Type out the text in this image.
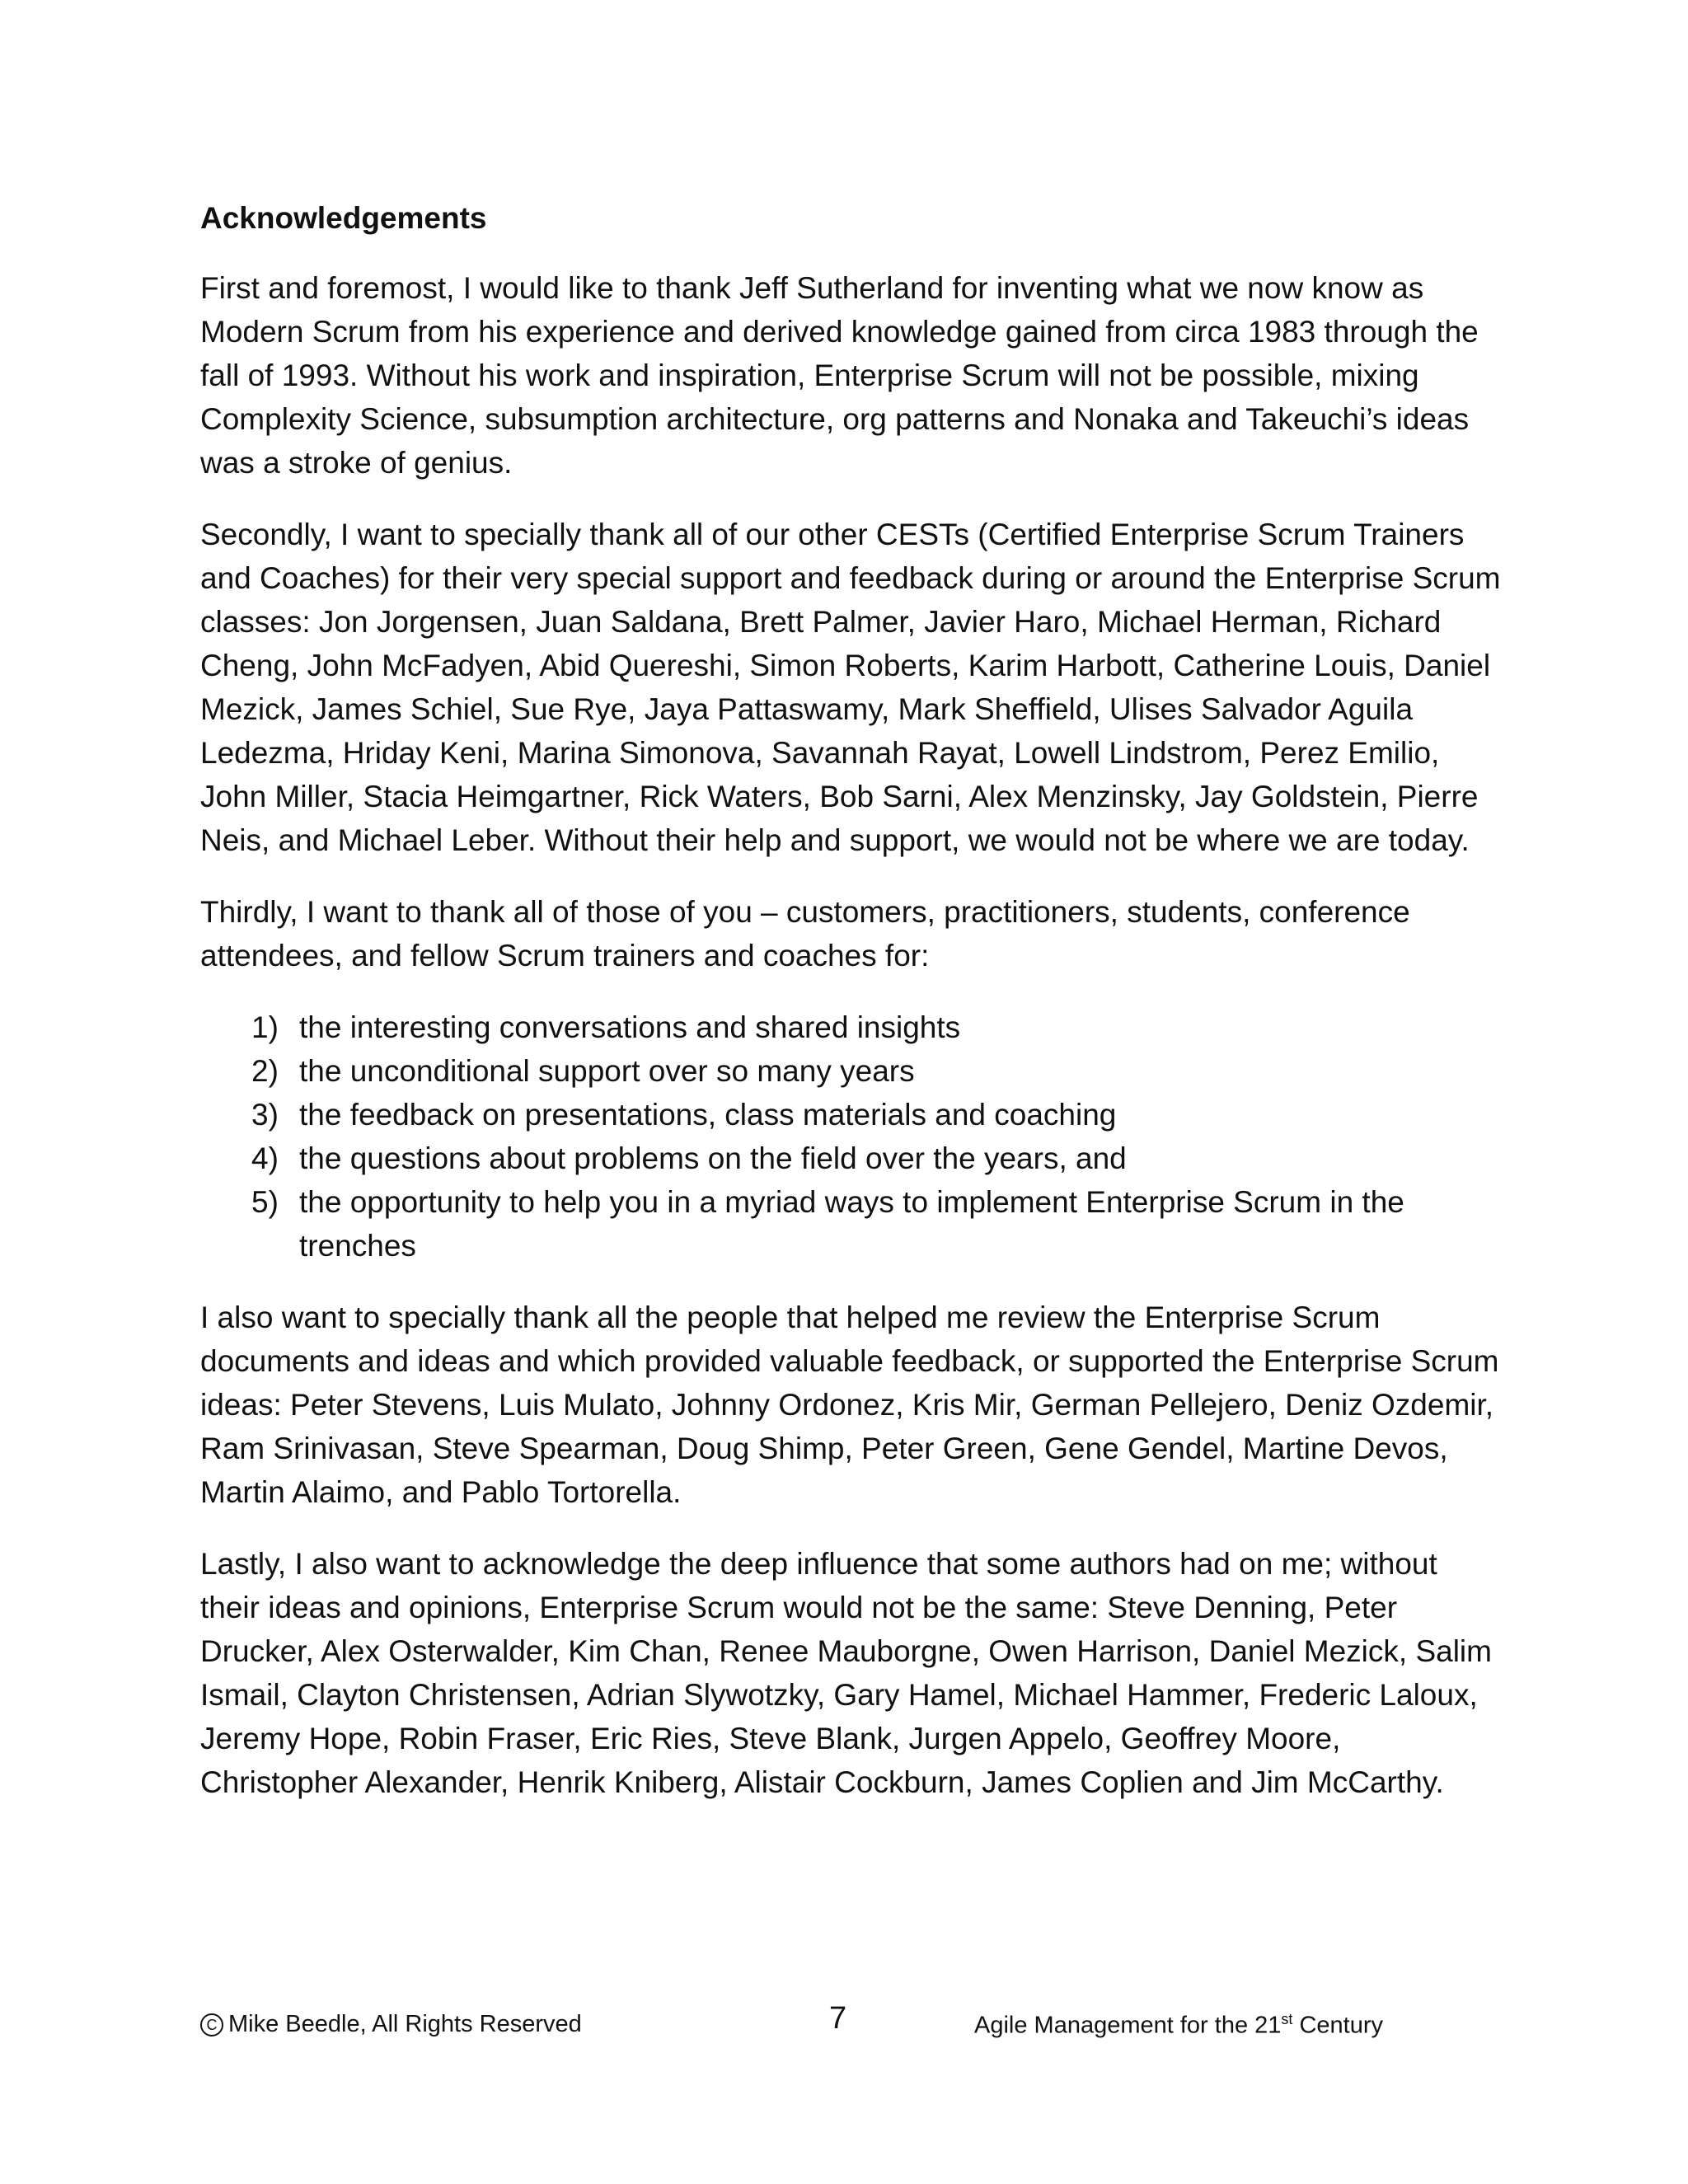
Acknowledgements

First and foremost, I would like to thank Jeff Sutherland for inventing what we now know as Modern Scrum from his experience and derived knowledge gained from circa 1983 through the fall of 1993. Without his work and inspiration, Enterprise Scrum will not be possible, mixing Complexity Science, subsumption architecture, org patterns and Nonaka and Takeuchi’s ideas was a stroke of genius.

Secondly, I want to specially thank all of our other CESTs (Certified Enterprise Scrum Trainers and Coaches) for their very special support and feedback during or around the Enterprise Scrum classes: Jon Jorgensen, Juan Saldana, Brett Palmer, Javier Haro, Michael Herman, Richard Cheng, John McFadyen, Abid Quereshi, Simon Roberts, Karim Harbott, Catherine Louis, Daniel Mezick, James Schiel, Sue Rye, Jaya Pattaswamy, Mark Sheffield, Ulises Salvador Aguila Ledezma, Hriday Keni, Marina Simonova, Savannah Rayat, Lowell Lindstrom, Perez Emilio, John Miller, Stacia Heimgartner, Rick Waters, Bob Sarni, Alex Menzinsky, Jay Goldstein, Pierre Neis, and Michael Leber. Without their help and support, we would not be where we are today.

Thirdly, I want to thank all of those of you – customers, practitioners, students, conference attendees, and fellow Scrum trainers and coaches for:

1) the interesting conversations and shared insights
2) the unconditional support over so many years
3) the feedback on presentations, class materials and coaching
4) the questions about problems on the field over the years, and
5) the opportunity to help you in a myriad ways to implement Enterprise Scrum in the trenches

I also want to specially thank all the people that helped me review the Enterprise Scrum documents and ideas and which provided valuable feedback, or supported the Enterprise Scrum ideas: Peter Stevens, Luis Mulato, Johnny Ordonez, Kris Mir, German Pellejero, Deniz Ozdemir, Ram Srinivasan, Steve Spearman, Doug Shimp, Peter Green, Gene Gendel, Martine Devos, Martin Alaimo, and Pablo Tortorella.

Lastly, I also want to acknowledge the deep influence that some authors had on me; without their ideas and opinions, Enterprise Scrum would not be the same: Steve Denning, Peter Drucker, Alex Osterwalder, Kim Chan, Renee Mauborgne, Owen Harrison, Daniel Mezick, Salim Ismail, Clayton Christensen, Adrian Slywotzky, Gary Hamel, Michael Hammer, Frederic Laloux, Jeremy Hope, Robin Fraser, Eric Ries, Steve Blank, Jurgen Appelo, Geoffrey Moore, Christopher Alexander, Henrik Kniberg, Alistair Cockburn, James Coplien and Jim McCarthy.

C Mike Beedle, All Rights Reserved	7	Agile Management for the 21st Century
